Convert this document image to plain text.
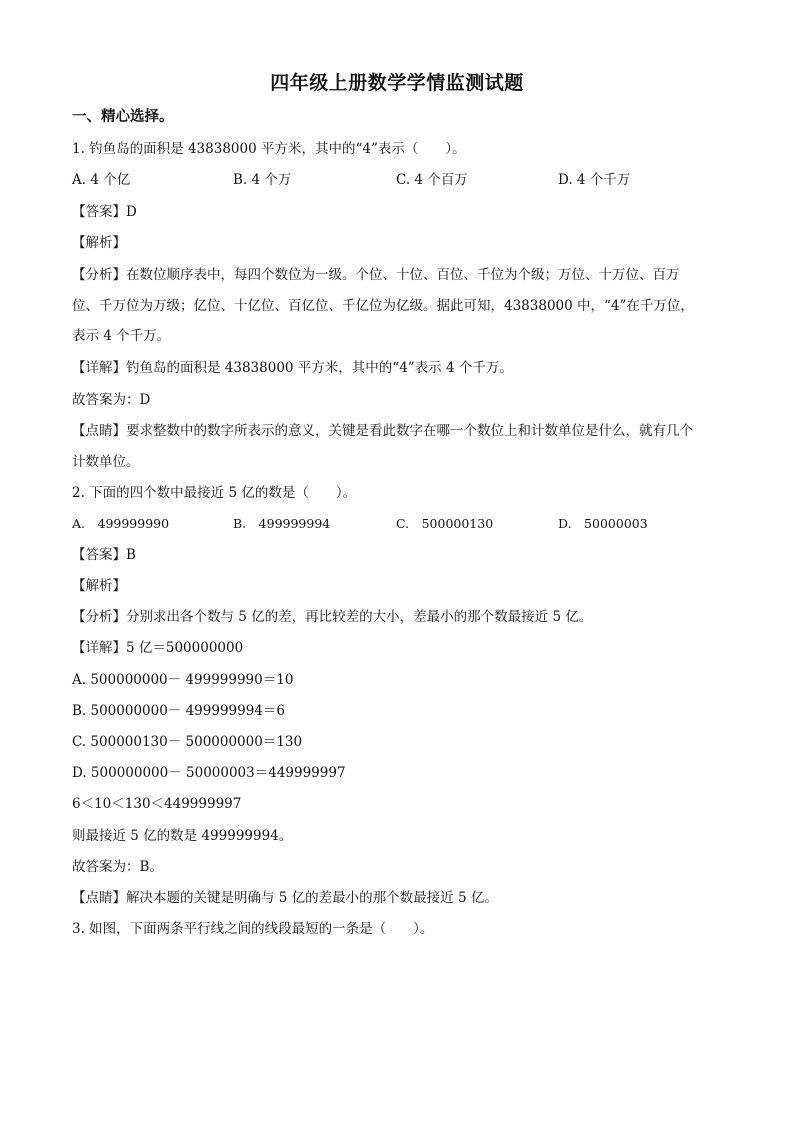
四年级上册数学学情监测试题
一、精心选择。
1. 钓鱼岛的面积是 43838000 平方米，其中的“4”表示（　　）。
A. 4 个亿	B. 4 个万	C. 4 个百万	D. 4 个千万
【答案】D
【解析】
【分析】在数位顺序表中，每四个数位为一级。个位、十位、百位、千位为个级；万位、十万位、百万
位、千万位为万级；亿位、十亿位、百亿位、千亿位为亿级。据此可知，43838000 中，“4”在千万位，
表示 4 个千万。
【详解】钓鱼岛的面积是 43838000 平方米，其中的“4”表示 4 个千万。
故答案为：D
【点睛】要求整数中的数字所表示的意义，关键是看此数字在哪一个数位上和计数单位是什么，就有几个
计数单位。
2. 下面的四个数中最接近 5 亿的数是（　　）。
A.　499999990	B.　499999994	C.　500000130	D.　50000003
【答案】B
【解析】
【分析】分别求出各个数与 5 亿的差，再比较差的大小，差最小的那个数最接近 5 亿。
【详解】5 亿＝500000000
A. 500000000－ 499999990＝10
B. 500000000－ 499999994＝6
C. 500000130－ 500000000＝130
D. 500000000－ 50000003＝449999997
6＜10＜130＜449999997
则最接近 5 亿的数是 499999994。
故答案为：B。
【点睛】解决本题的关键是明确与 5 亿的差最小的那个数最接近 5 亿。
3. 如图，下面两条平行线之间的线段最短的一条是（　　）。
